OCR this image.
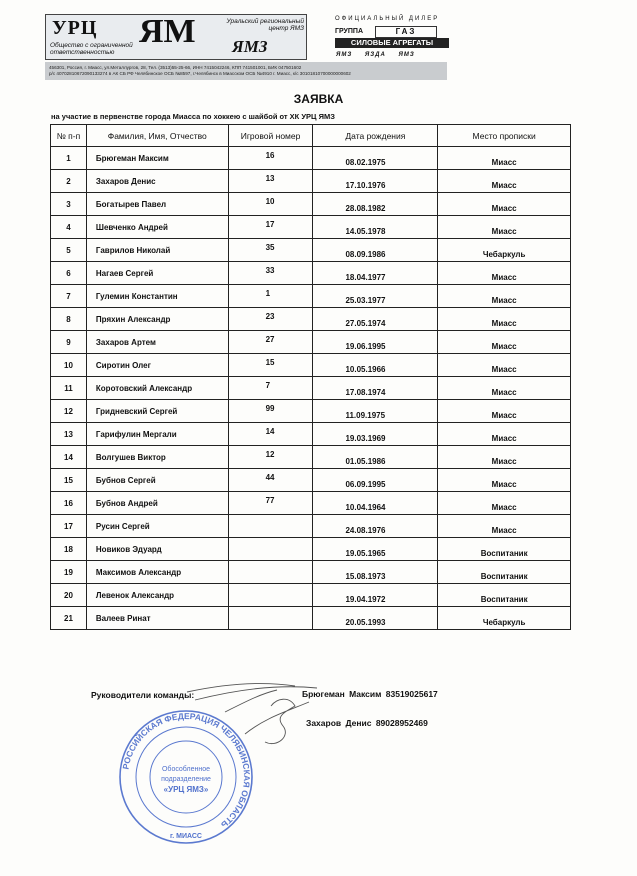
УРЦ ЯМ ЯМЗ
Уральский региональный центр ЯМЗ
Общество с ограниченной ответственностью
456301, Россия, г. Миасс, ул.Металлургов, 28, Тел. (3513)55-25-66, ИНН 7415042246, КПП 741501001, БИК 047501602
р/с 40702810672090133274 в АК СБ РФ Челябинское ОСБ №8597, г.Челябинск в Миасском ОСБ №4910 г. Миасс, к/с 30101810700000000602
ОФИЦИАЛЬНЫЙ ДИЛЕР
ГРУППА	ГАЗ
СИЛОВЫЕ АГРЕГАТЫ
ЯМЗ ЯЗДА ЯМЗ
ЗАЯВКА
на участие в первенстве города Миасса по хоккею с шайбой от ХК УРЦ ЯМЗ
№ п-п	Фамилия, Имя, Отчество	Игровой номер	Дата рождения	Место прописки
1	Брюгеман Максим	16	08.02.1975	Миасс
2	Захаров Денис	13	17.10.1976	Миасс
3	Богатырев Павел	10	28.08.1982	Миасс
4	Шевченко Андрей	17	14.05.1978	Миасс
5	Гаврилов Николай	35	08.09.1986	Чебаркуль
6	Нагаев Сергей	33	18.04.1977	Миасс
7	Гулемин Константин	1	25.03.1977	Миасс
8	Пряхин Александр	23	27.05.1974	Миасс
9	Захаров Артем	27	19.06.1995	Миасс
10	Сиротин Олег	15	10.05.1966	Миасс
11	Коротовский Александр	7	17.08.1974	Миасс
12	Гридневский Сергей	99	11.09.1975	Миасс
13	Гарифулин Мергали	14	19.03.1969	Миасс
14	Волгушев Виктор	12	01.05.1986	Миасс
15	Бубнов Сергей	44	06.09.1995	Миасс
16	Бубнов Андрей	77	10.04.1964	Миасс
17	Русин Сергей		24.08.1976	Миасс
18	Новиков Эдуард		19.05.1965	Воспитаник
19	Максимов Александр		15.08.1973	Воспитаник
20	Левенок Александр		19.04.1972	Воспитаник
21	Валеев Ринат		20.05.1993	Чебаркуль
Руководители команды:	Брюгеман Максим 83519025617
Захаров Денис 89028952469
РОССИЙСКАЯ ФЕДЕРАЦИЯ ЧЕЛЯБИНСКАЯ ОБЛАСТЬ
Обособленное
подразделение
«УРЦ ЯМЗ»
г. МИАСС
